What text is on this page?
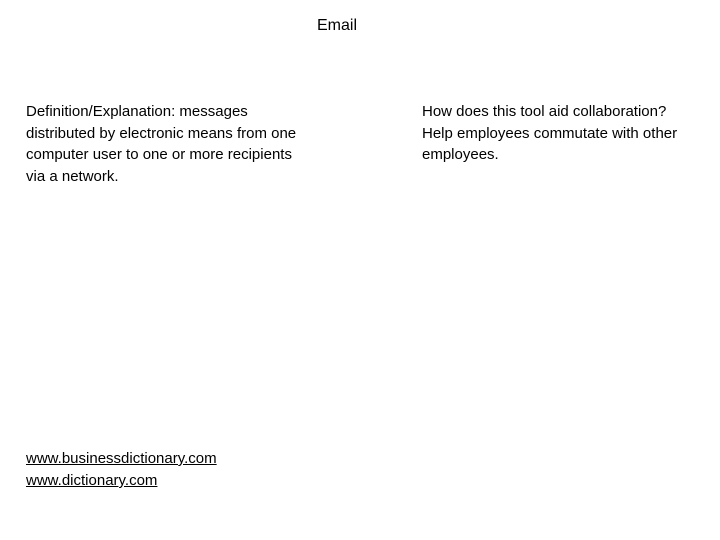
Email
Definition/Explanation: messages
distributed by electronic means from one
computer user to one or more recipients
via a network.
How does this tool aid collaboration?
Help employees commutate with other
employees.
www.businessdictionary.com
www.dictionary.com
